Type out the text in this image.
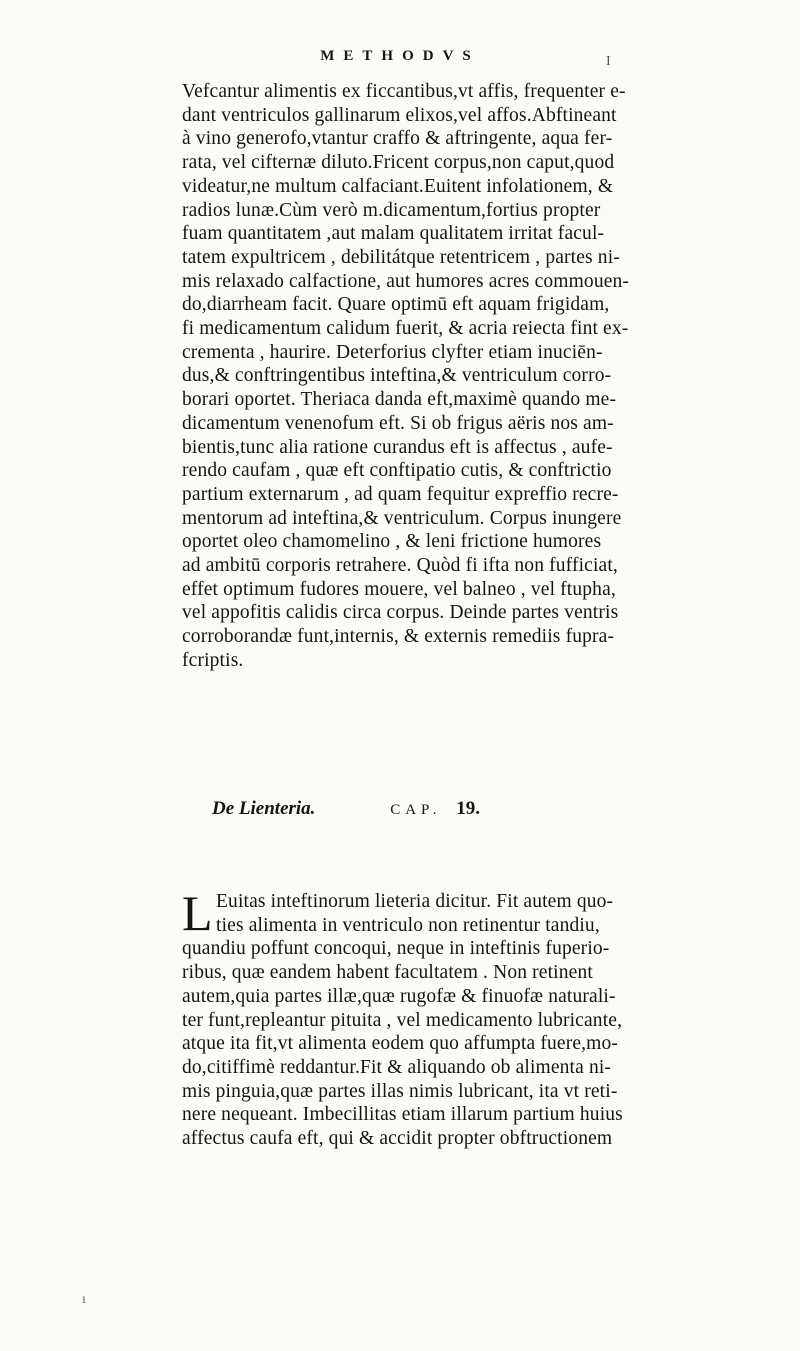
METHODVS	I
Vefcantur alimentis ex ficcantibus,vt affis, frequenter e-
dant ventriculos gallinarum elixos,vel affos.Abftineant
à vino generofo,vtantur craffo & aftringente, aqua fer-
rata, vel cifternæ diluto.Fricent corpus,non caput,quod
videatur,ne multum calfaciant.Euitent infolationem, &
radios lunæ.Cùm verò m.dicamentum,fortius propter
fuam quantitatem ,aut malam qualitatem irritat facul-
tatem expultricem , debilitátque retentricem , partes ni-
mis relaxado calfactione, aut humores acres commouen-
do,diarrheam facit. Quare optimū eft aquam frigidam,
fi medicamentum calidum fuerit, & acria reiecta fint ex-
crementa , haurire. Deterforius clyfter etiam inuciēn-
dus,& conftringentibus inteftina,& ventriculum corro-
borari oportet. Theriaca danda eft,maximè quando me-
dicamentum venenofum eft. Si ob frigus aëris nos am-
bientis,tunc alia ratione curandus eft is affectus , aufe-
rendo caufam , quæ eft conftipatio cutis, & conftrictio
partium externarum , ad quam fequitur expreffio recre-
mentorum ad inteftina,& ventriculum. Corpus inungere
oportet oleo chamomelino , & leni frictione humores
ad ambitū corporis retrahere. Quòd fi ifta non fufficiat,
effet optimum fudores mouere, vel balneo , vel ftupha,
vel appofitis calidis circa corpus. Deinde partes ventris
corroborandæ funt,internis, & externis remediis fupra-
fcriptis.
De Lienteria.	CAP. 19.
L Euitas inteftinorum lieteria dicitur. Fit autem quo-
ties alimenta in ventriculo non retinentur tandiu,
quandiu poffunt concoqui, neque in inteftinis fuperio-
ribus, quæ eandem habent facultatem . Non retinent
autem,quia partes illæ,quæ rugofæ & finuofæ naturali-
ter funt,repleantur pituita , vel medicamento lubricante,
atque ita fit,vt alimenta eodem quo affumpta fuere,mo-
do,citiffimè reddantur.Fit & aliquando ob alimenta ni-
mis pinguia,quæ partes illas nimis lubricant, ita vt reti-
nere nequeant. Imbecillitas etiam illarum partium huius
affectus caufa eft, qui & accidit propter obftructionem
ı
